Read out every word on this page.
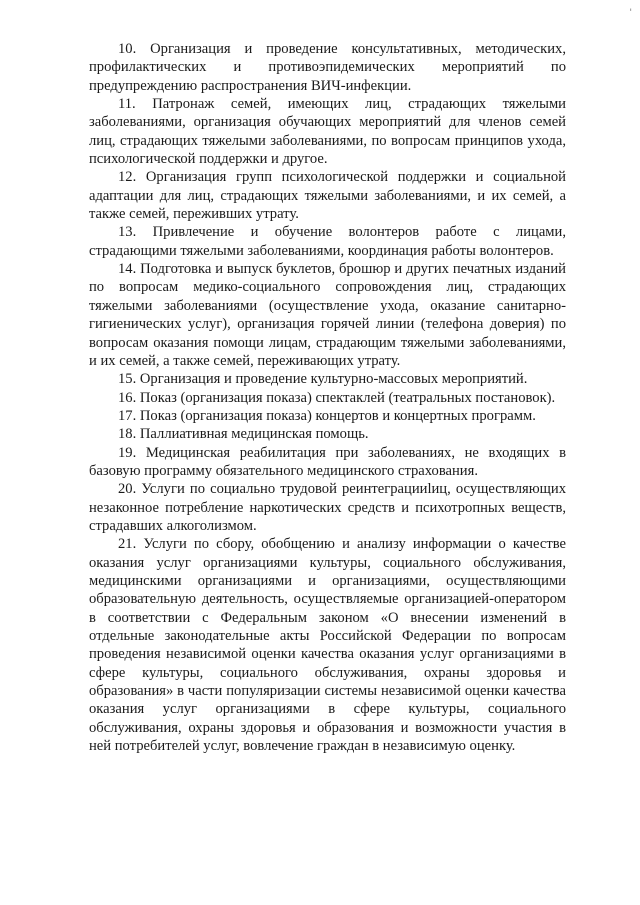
'

10. Организация и проведение консультативных, методических, профилактических и противоэпидемических мероприятий по предупреждению распространения ВИЧ-инфекции.

11. Патронаж семей, имеющих лиц, страдающих тяжелыми заболеваниями, организация обучающих мероприятий для членов семей лиц, страдающих тяжелыми заболеваниями, по вопросам принципов ухода, психологической поддержки и другое.

12. Организация групп психологической поддержки и социальной адаптации для лиц, страдающих тяжелыми заболеваниями, и их семей, а также семей, переживших утрату.

13. Привлечение и обучение волонтеров работе с лицами, страдающими тяжелыми заболеваниями, координация работы волонтеров.

14. Подготовка и выпуск буклетов, брошюр и других печатных изданий по вопросам медико-социального сопровождения лиц, страдающих тяжелыми заболеваниями (осуществление ухода, оказание санитарно-гигиенических услуг), организация горячей линии (телефона доверия) по вопросам оказания помощи лицам, страдающим тяжелыми заболеваниями, и их семей, а также семей, переживающих утрату.

15. Организация и проведение культурно-массовых мероприятий.

16. Показ (организация показа) спектаклей (театральных постановок).

17. Показ (организация показа) концертов и концертных программ.

18. Паллиативная медицинская помощь.

19. Медицинская реабилитация при заболеваниях, не входящих в базовую программу обязательного медицинского страхования.

20. Услуги по социально трудовой реинтеграцииlиц, осуществляющих незаконное потребление наркотических средств и психотропных веществ, страдавших алкоголизмом.

21. Услуги по сбору, обобщению и анализу информации о качестве оказания услуг организациями культуры, социального обслуживания, медицинскими организациями и организациями, осуществляющими образовательную деятельность, осуществляемые организацией-оператором в соответствии с Федеральным законом «О внесении изменений в отдельные законодательные акты Российской Федерации по вопросам проведения независимой оценки качества оказания услуг организациями в сфере культуры, социального обслуживания, охраны здоровья и образования» в части популяризации системы независимой оценки качества оказания услуг организациями в сфере культуры, социального обслуживания, охраны здоровья и образования и возможности участия в ней потребителей услуг, вовлечение граждан в независимую оценку.
